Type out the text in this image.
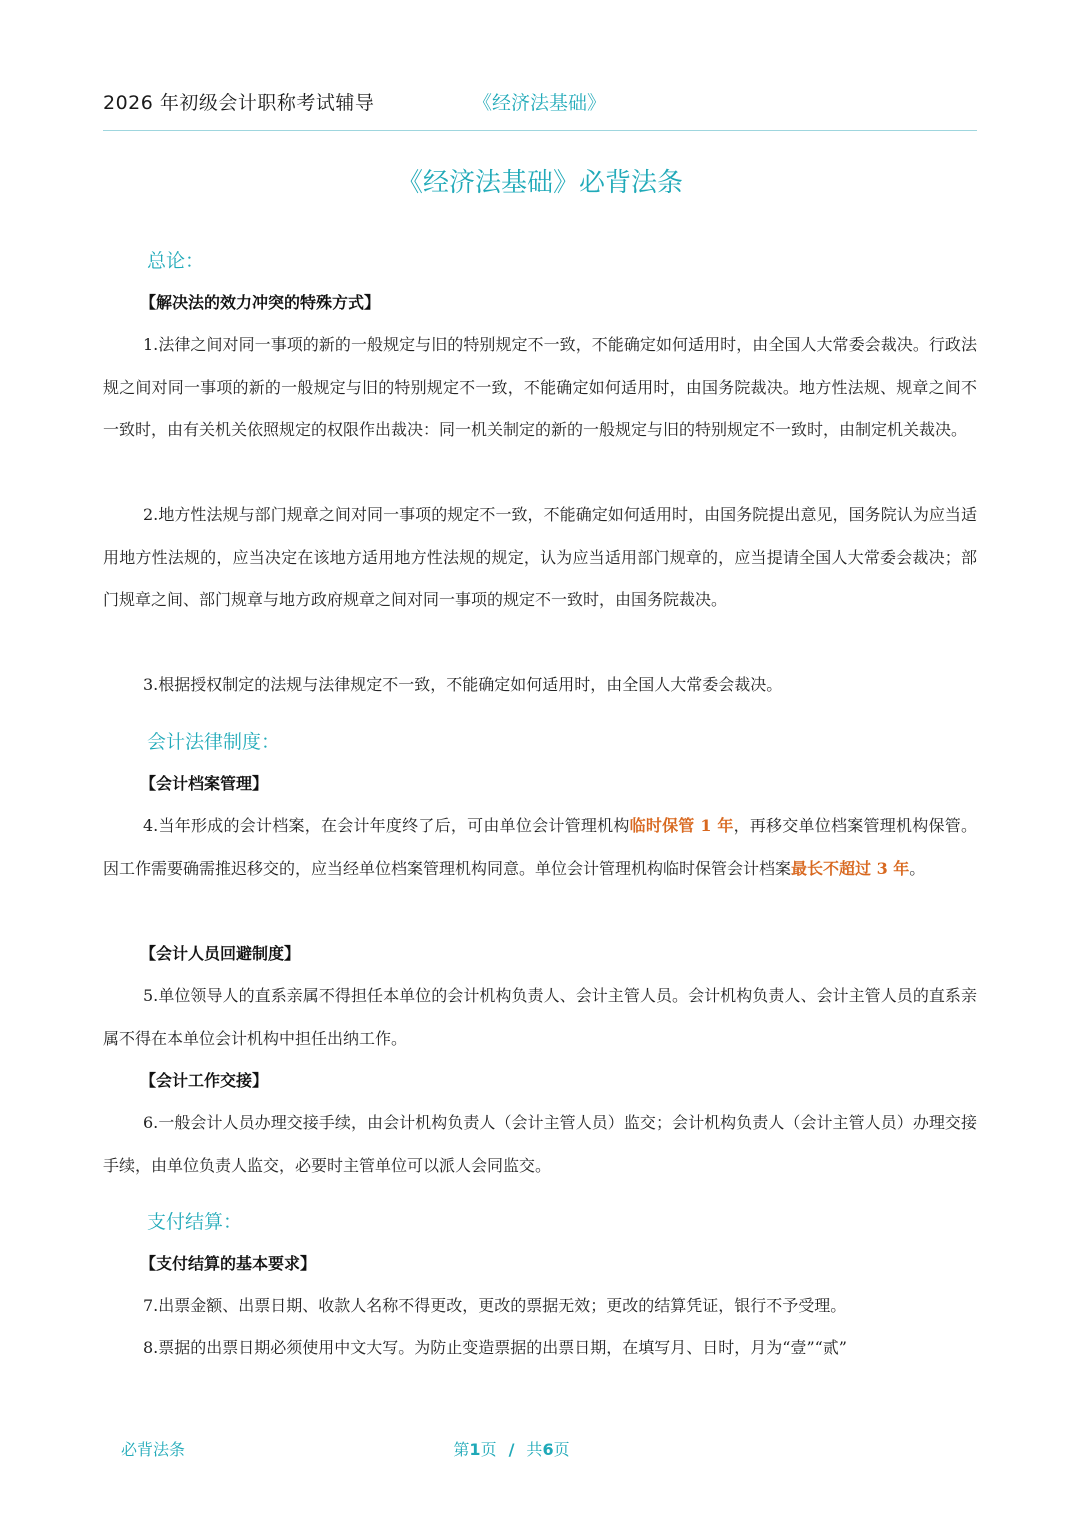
2026 年初级会计职称考试辅导	《经济法基础》
《经济法基础》必背法条
总论：
【解决法的效力冲突的特殊方式】

1.法律之间对同一事项的新的一般规定与旧的特别规定不一致，不能确定如何适用时，由全国人大常委会裁决。行政法规之间对同一事项的新的一般规定与旧的特别规定不一致，不能确定如何适用时，由国务院裁决。地方性法规、规章之间不一致时，由有关机关依照规定的权限作出裁决：同一机关制定的新的一般规定与旧的特别规定不一致时，由制定机关裁决。

2.地方性法规与部门规章之间对同一事项的规定不一致，不能确定如何适用时，由国务院提出意见，国务院认为应当适用地方性法规的，应当决定在该地方适用地方性法规的规定，认为应当适用部门规章的，应当提请全国人大常委会裁决；部门规章之间、部门规章与地方政府规章之间对同一事项的规定不一致时，由国务院裁决。

3.根据授权制定的法规与法律规定不一致，不能确定如何适用时，由全国人大常委会裁决。

会计法律制度：
【会计档案管理】

4.当年形成的会计档案，在会计年度终了后，可由单位会计管理机构临时保管 1 年，再移交单位档案管理机构保管。因工作需要确需推迟移交的，应当经单位档案管理机构同意。单位会计管理机构临时保管会计档案最长不超过 3 年。

【会计人员回避制度】

5.单位领导人的直系亲属不得担任本单位的会计机构负责人、会计主管人员。会计机构负责人、会计主管人员的直系亲属不得在本单位会计机构中担任出纳工作。

【会计工作交接】

6.一般会计人员办理交接手续，由会计机构负责人（会计主管人员）监交；会计机构负责人（会计主管人员）办理交接手续，由单位负责人监交，必要时主管单位可以派人会同监交。

支付结算：
【支付结算的基本要求】

7.出票金额、出票日期、收款人名称不得更改，更改的票据无效；更改的结算凭证，银行不予受理。

8.票据的出票日期必须使用中文大写。为防止变造票据的出票日期，在填写月、日时，月为“壹”“贰”

必背法条	第1页 / 共6页
